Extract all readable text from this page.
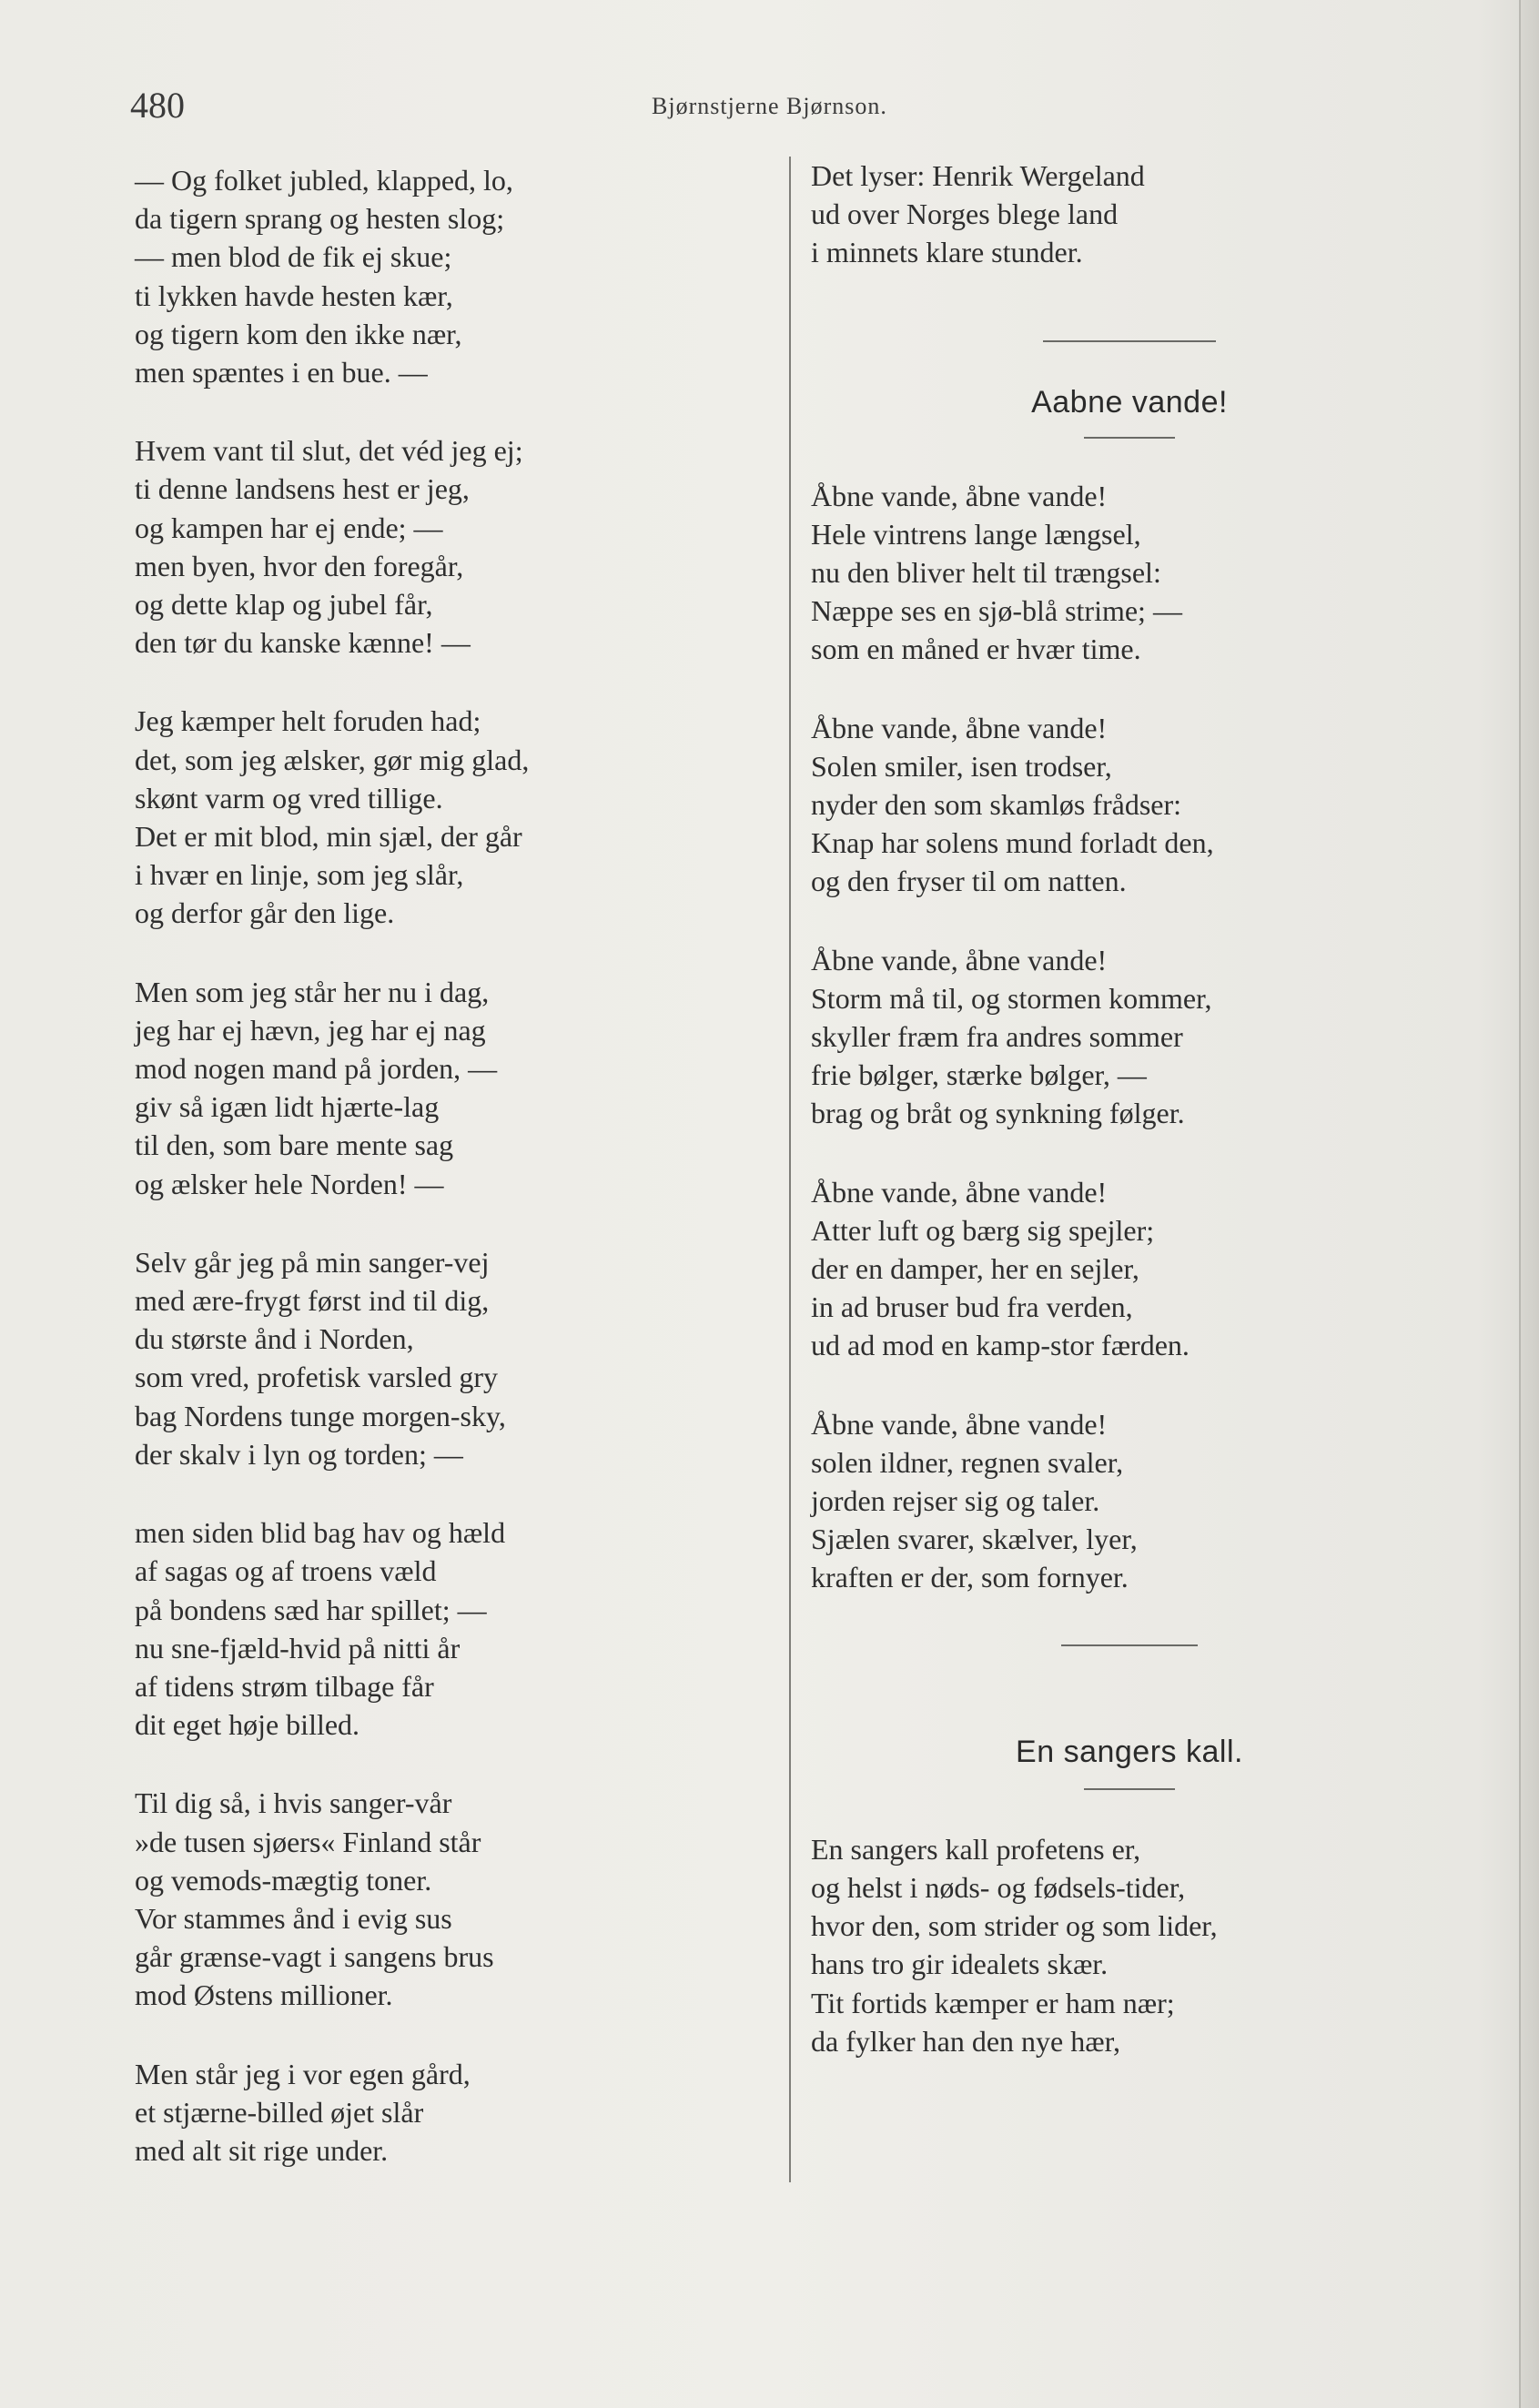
480	Bjørnstjerne Bjørnson.
— Og folket jubled, klapped, lo,
da tigern sprang og hesten slog;
— men blod de fik ej skue;
ti lykken havde hesten kær,
og tigern kom den ikke nær,
men spæntes i en bue. —
Hvem vant til slut, det véd jeg ej;
ti denne landsens hest er jeg,
og kampen har ej ende; —
men byen, hvor den foregår,
og dette klap og jubel får,
den tør du kanske kænne! —
Jeg kæmper helt foruden had;
det, som jeg ælsker, gør mig glad,
skønt varm og vred tillige.
Det er mit blod, min sjæl, der går
i hvær en linje, som jeg slår,
og derfor går den lige.
Men som jeg står her nu i dag,
jeg har ej hævn, jeg har ej nag
mod nogen mand på jorden, —
giv så igæn lidt hjærte-lag
til den, som bare mente sag
og ælsker hele Norden! —
Selv går jeg på min sanger-vej
med ære-frygt først ind til dig,
du største ånd i Norden,
som vred, profetisk varsled gry
bag Nordens tunge morgen-sky,
der skalv i lyn og torden; —
men siden blid bag hav og hæld
af sagas og af troens væld
på bondens sæd har spillet; —
nu sne-fjæld-hvid på nitti år
af tidens strøm tilbage får
dit eget høje billed.
Til dig så, i hvis sanger-vår
»de tusen sjøers« Finland står
og vemods-mægtig toner.
Vor stammes ånd i evig sus
går grænse-vagt i sangens brus
mod Østens millioner.
Men står jeg i vor egen gård,
et stjærne-billed øjet slår
med alt sit rige under.
Det lyser: Henrik Wergeland
ud over Norges blege land
i minnets klare stunder.
Aabne vande!
Åbne vande, åbne vande!
Hele vintrens lange længsel,
nu den bliver helt til trængsel:
Næppe ses en sjø-blå strime; —
som en måned er hvær time.
Åbne vande, åbne vande!
Solen smiler, isen trodser,
nyder den som skamløs frådser:
Knap har solens mund forladt den,
og den fryser til om natten.
Åbne vande, åbne vande!
Storm må til, og stormen kommer,
skyller fræm fra andres sommer
frie bølger, stærke bølger, —
brag og bråt og synkning følger.
Åbne vande, åbne vande!
Atter luft og bærg sig spejler;
der en damper, her en sejler,
in ad bruser bud fra verden,
ud ad mod en kamp-stor færden.
Åbne vande, åbne vande!
solen ildner, regnen svaler,
jorden rejser sig og taler.
Sjælen svarer, skælver, lyer,
kraften er der, som fornyer.
En sangers kall.
En sangers kall profetens er,
og helst i nøds- og fødsels-tider,
hvor den, som strider og som lider,
hans tro gir idealets skær.
Tit fortids kæmper er ham nær;
da fylker han den nye hær,
